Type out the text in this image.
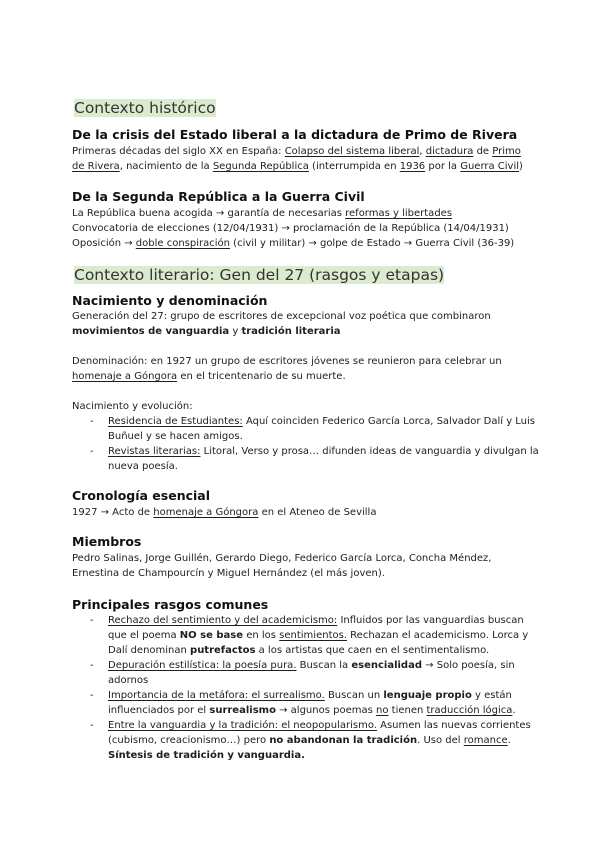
Contexto histórico
De la crisis del Estado liberal a la dictadura de Primo de Rivera
Primeras décadas del siglo XX en España: Colapso del sistema liberal, dictadura de Primo de Rivera, nacimiento de la Segunda República (interrumpida en 1936 por la Guerra Civil)
De la Segunda República a la Guerra Civil
La República buena acogida → garantía de necesarias reformas y libertades
Convocatoria de elecciones (12/04/1931) → proclamación de la República (14/04/1931)
Oposición → doble conspiración (civil y militar) → golpe de Estado → Guerra Civil (36-39)
Contexto literario: Gen del 27 (rasgos y etapas)
Nacimiento y denominación
Generación del 27: grupo de escritores de excepcional voz poética que combinaron movimientos de vanguardia y tradición literaria
Denominación: en 1927 un grupo de escritores jóvenes se reunieron para celebrar un homenaje a Góngora en el tricentenario de su muerte.
Nacimiento y evolución:
- Residencia de Estudiantes: Aquí coinciden Federico García Lorca, Salvador Dalí y Luis Buñuel y se hacen amigos.
- Revistas literarias: Litoral, Verso y prosa… difunden ideas de vanguardia y divulgan la nueva poesía.
Cronología esencial
1927 → Acto de homenaje a Góngora en el Ateneo de Sevilla
Miembros
Pedro Salinas, Jorge Guillén, Gerardo Diego, Federico García Lorca, Concha Méndez, Ernestina de Champourcín y Miguel Hernández (el más joven).
Principales rasgos comunes
- Rechazo del sentimiento y del academicismo: Influidos por las vanguardias buscan que el poema NO se base en los sentimientos. Rechazan el academicismo. Lorca y Dalí denominan putrefactos a los artistas que caen en el sentimentalismo.
- Depuración estilística: la poesía pura. Buscan la esencialidad → Solo poesía, sin adornos
- Importancia de la metáfora: el surrealismo. Buscan un lenguaje propio y están influenciados por el surrealismo → algunos poemas no tienen traducción lógica.
- Entre la vanguardia y la tradición: el neopopularismo. Asumen las nuevas corrientes (cubismo, creacionismo…) pero no abandonan la tradición. Uso del romance. Síntesis de tradición y vanguardia.
